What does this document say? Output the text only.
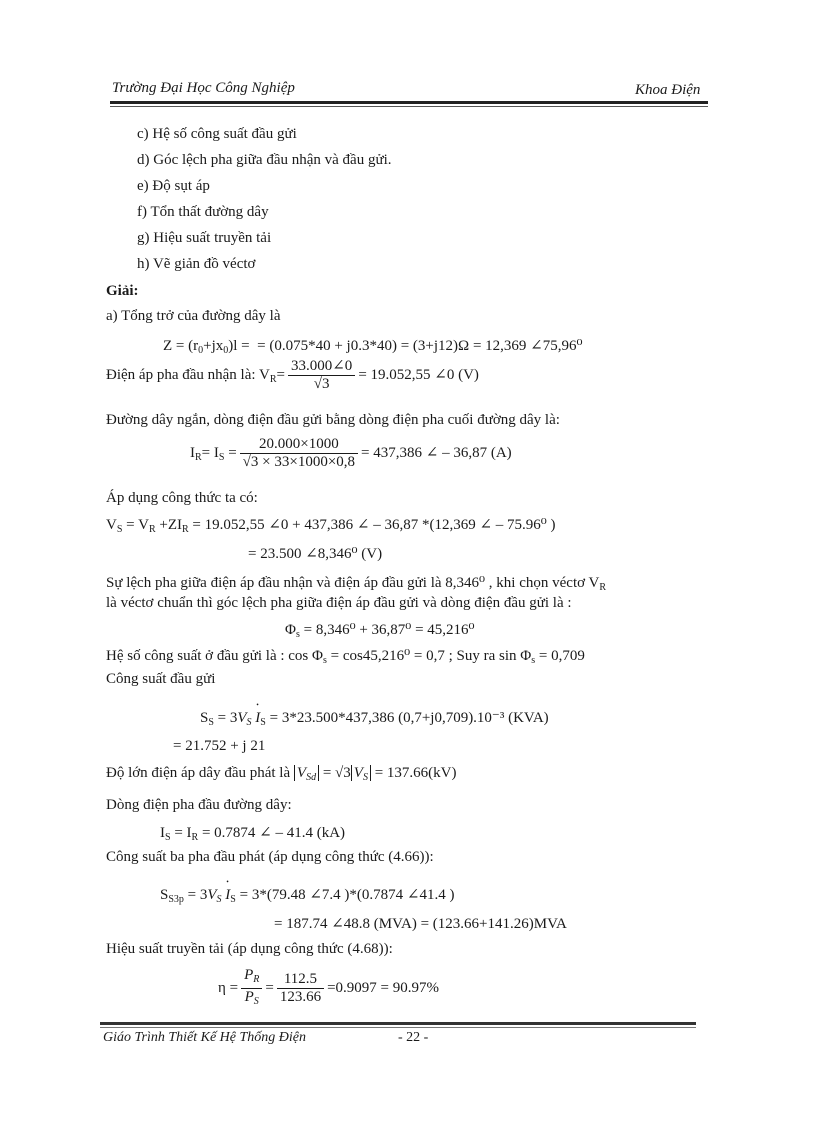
Trường Đại Học Công Nghiệp	Khoa Điện
c) Hệ số công suất đầu gửi
d) Góc lệch pha giữa đầu nhận và đầu gửi.
e) Độ sụt áp
f) Tổn thất đường dây
g) Hiệu suất truyền tải
h) Vẽ giản đồ véctơ
Giải:
a) Tổng trở của đường dây là
$Z = (r_0+jx_0)l$ =  = (0.075*40 + j0.3*40) = (3+j12)Ω = 12,369 ∠75,96⁰
Điện áp pha đầu nhận là: $V_R= \frac{33.000\angle 0}{√3} = 19.052,55$ ∠0 (V)
Đường dây ngắn, dòng điện đầu gửi bằng dòng điện pha cuối đường dây là:
$I_R= I_S = \frac{20.000\times 1000}{√3 \times 33\times 1000\times 0,8} = 437,386$ ∠ – 36,87 (A)
Áp dụng công thức ta có:
$V_S = V_R +ZI_R = 19.052,55$ ∠0 + 437,386 ∠ – 36,87 *(12,369 ∠ – 75.96⁰ )
= 23.500 ∠8,346⁰ (V)
Sự lệch pha giữa điện áp đầu nhận và điện áp đầu gửi là 8,346⁰ , khi chọn véctơ $V_R$
là véctơ chuẩn thì góc lệch pha giữa điện áp đầu gửi và dòng điện đầu gửi là :
$\Phi_s = 8,346^0 + 36,87^0 = 45,216^0$
Hệ số công suất ở đầu gửi là : $\cos \Phi_s = \cos 45,216^0 = 0,7$ ; Suy ra $\sin \Phi_s = 0,709$
Công suất đầu gửi
$S_S = 3V_S$ • $I_S = 3*23.500*437,386$ (0,7+j0,709).10⁻³ (KVA)
= 21.752 + j 21
Độ lớn điện áp dây đầu phát là $V_{Sd} = √3$ $V_S = 137.66(kV)$
Dòng điện pha đầu đường dây:
$I_S = I_R = 0.7874$ ∠ – 41.4 (kA)
Công suất ba pha đầu phát (áp dụng công thức (4.66)):
$S_{S3p} = 3V_S$ • $I_S = 3*(79.48$ ∠7.4 )*(0.7874 ∠41.4 )
= 187.74 ∠48.8 (MVA) = (123.66+141.26)MVA
Hiệu suất truyền tải (áp dụng công thức (4.68)):
$\eta = \frac{P_R}{P_S} = \frac{112.5}{123.66} =0.9097 = 90.97\%$
Giáo Trình Thiết Kế Hệ Thống Điện	- 22 -
